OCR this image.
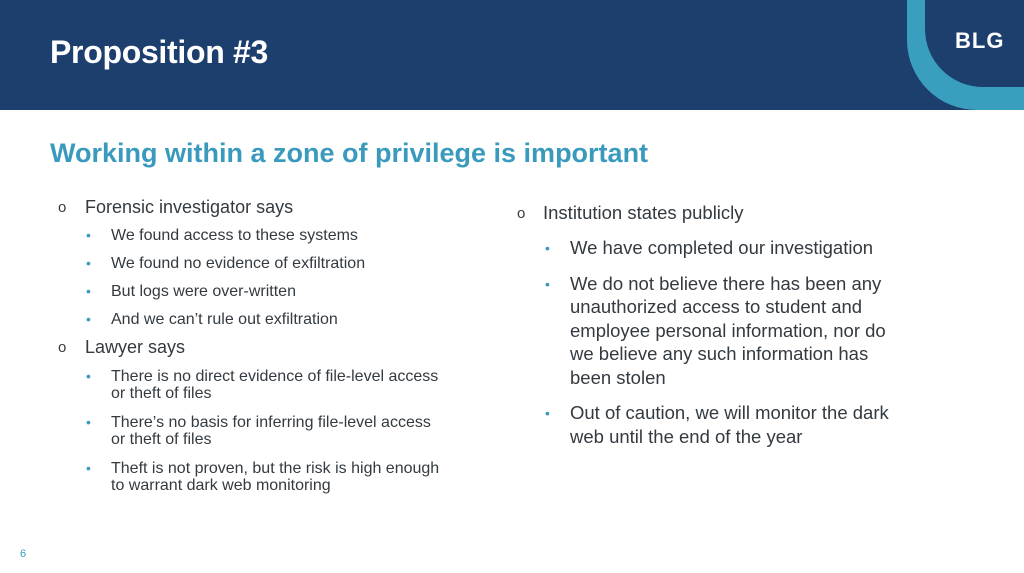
Proposition #3	BLG
Working within a zone of privilege is important
o Forensic investigator says
• We found access to these systems
• We found no evidence of exfiltration
• But logs were over-written
• And we can’t rule out exfiltration
o Lawyer says
• There is no direct evidence of file-level access or theft of files
• There’s no basis for inferring file-level access or theft of files
• Theft is not proven, but the risk is high enough to warrant dark web monitoring
o Institution states publicly
• We have completed our investigation
• We do not believe there has been any unauthorized access to student and employee personal information, nor do we believe any such information has been stolen
• Out of caution, we will monitor the dark web until the end of the year
6
